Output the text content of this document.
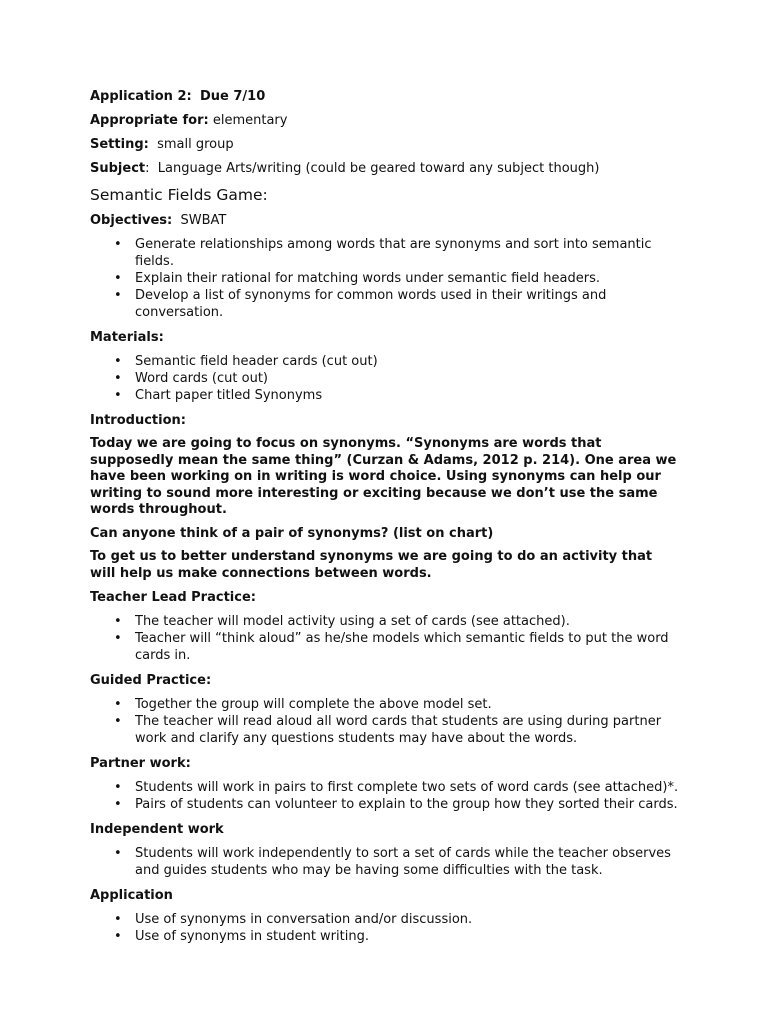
Application 2: Due 7/10

Appropriate for: elementary

Setting: small group

Subject:  Language Arts/writing (could be geared toward any subject though)

Semantic Fields Game:

Objectives: SWBAT

• Generate relationships among words that are synonyms and sort into semantic fields.
• Explain their rational for matching words under semantic field headers.
• Develop a list of synonyms for common words used in their writings and conversation.

Materials:

• Semantic field header cards (cut out)
• Word cards (cut out)
• Chart paper titled Synonyms

Introduction:

Today we are going to focus on synonyms. “Synonyms are words that supposedly mean the same thing” (Curzan & Adams, 2012 p. 214). One area we have been working on in writing is word choice. Using synonyms can help our writing to sound more interesting or exciting because we don’t use the same words throughout.

Can anyone think of a pair of synonyms? (list on chart)

To get us to better understand synonyms we are going to do an activity that will help us make connections between words.

Teacher Lead Practice:

• The teacher will model activity using a set of cards (see attached).
• Teacher will “think aloud” as he/she models which semantic fields to put the word cards in.

Guided Practice:

• Together the group will complete the above model set.
• The teacher will read aloud all word cards that students are using during partner work and clarify any questions students may have about the words.

Partner work:

• Students will work in pairs to first complete two sets of word cards (see attached)*.
• Pairs of students can volunteer to explain to the group how they sorted their cards.

Independent work

• Students will work independently to sort a set of cards while the teacher observes and guides students who may be having some difficulties with the task.

Application

• Use of synonyms in conversation and/or discussion.
• Use of synonyms in student writing.
